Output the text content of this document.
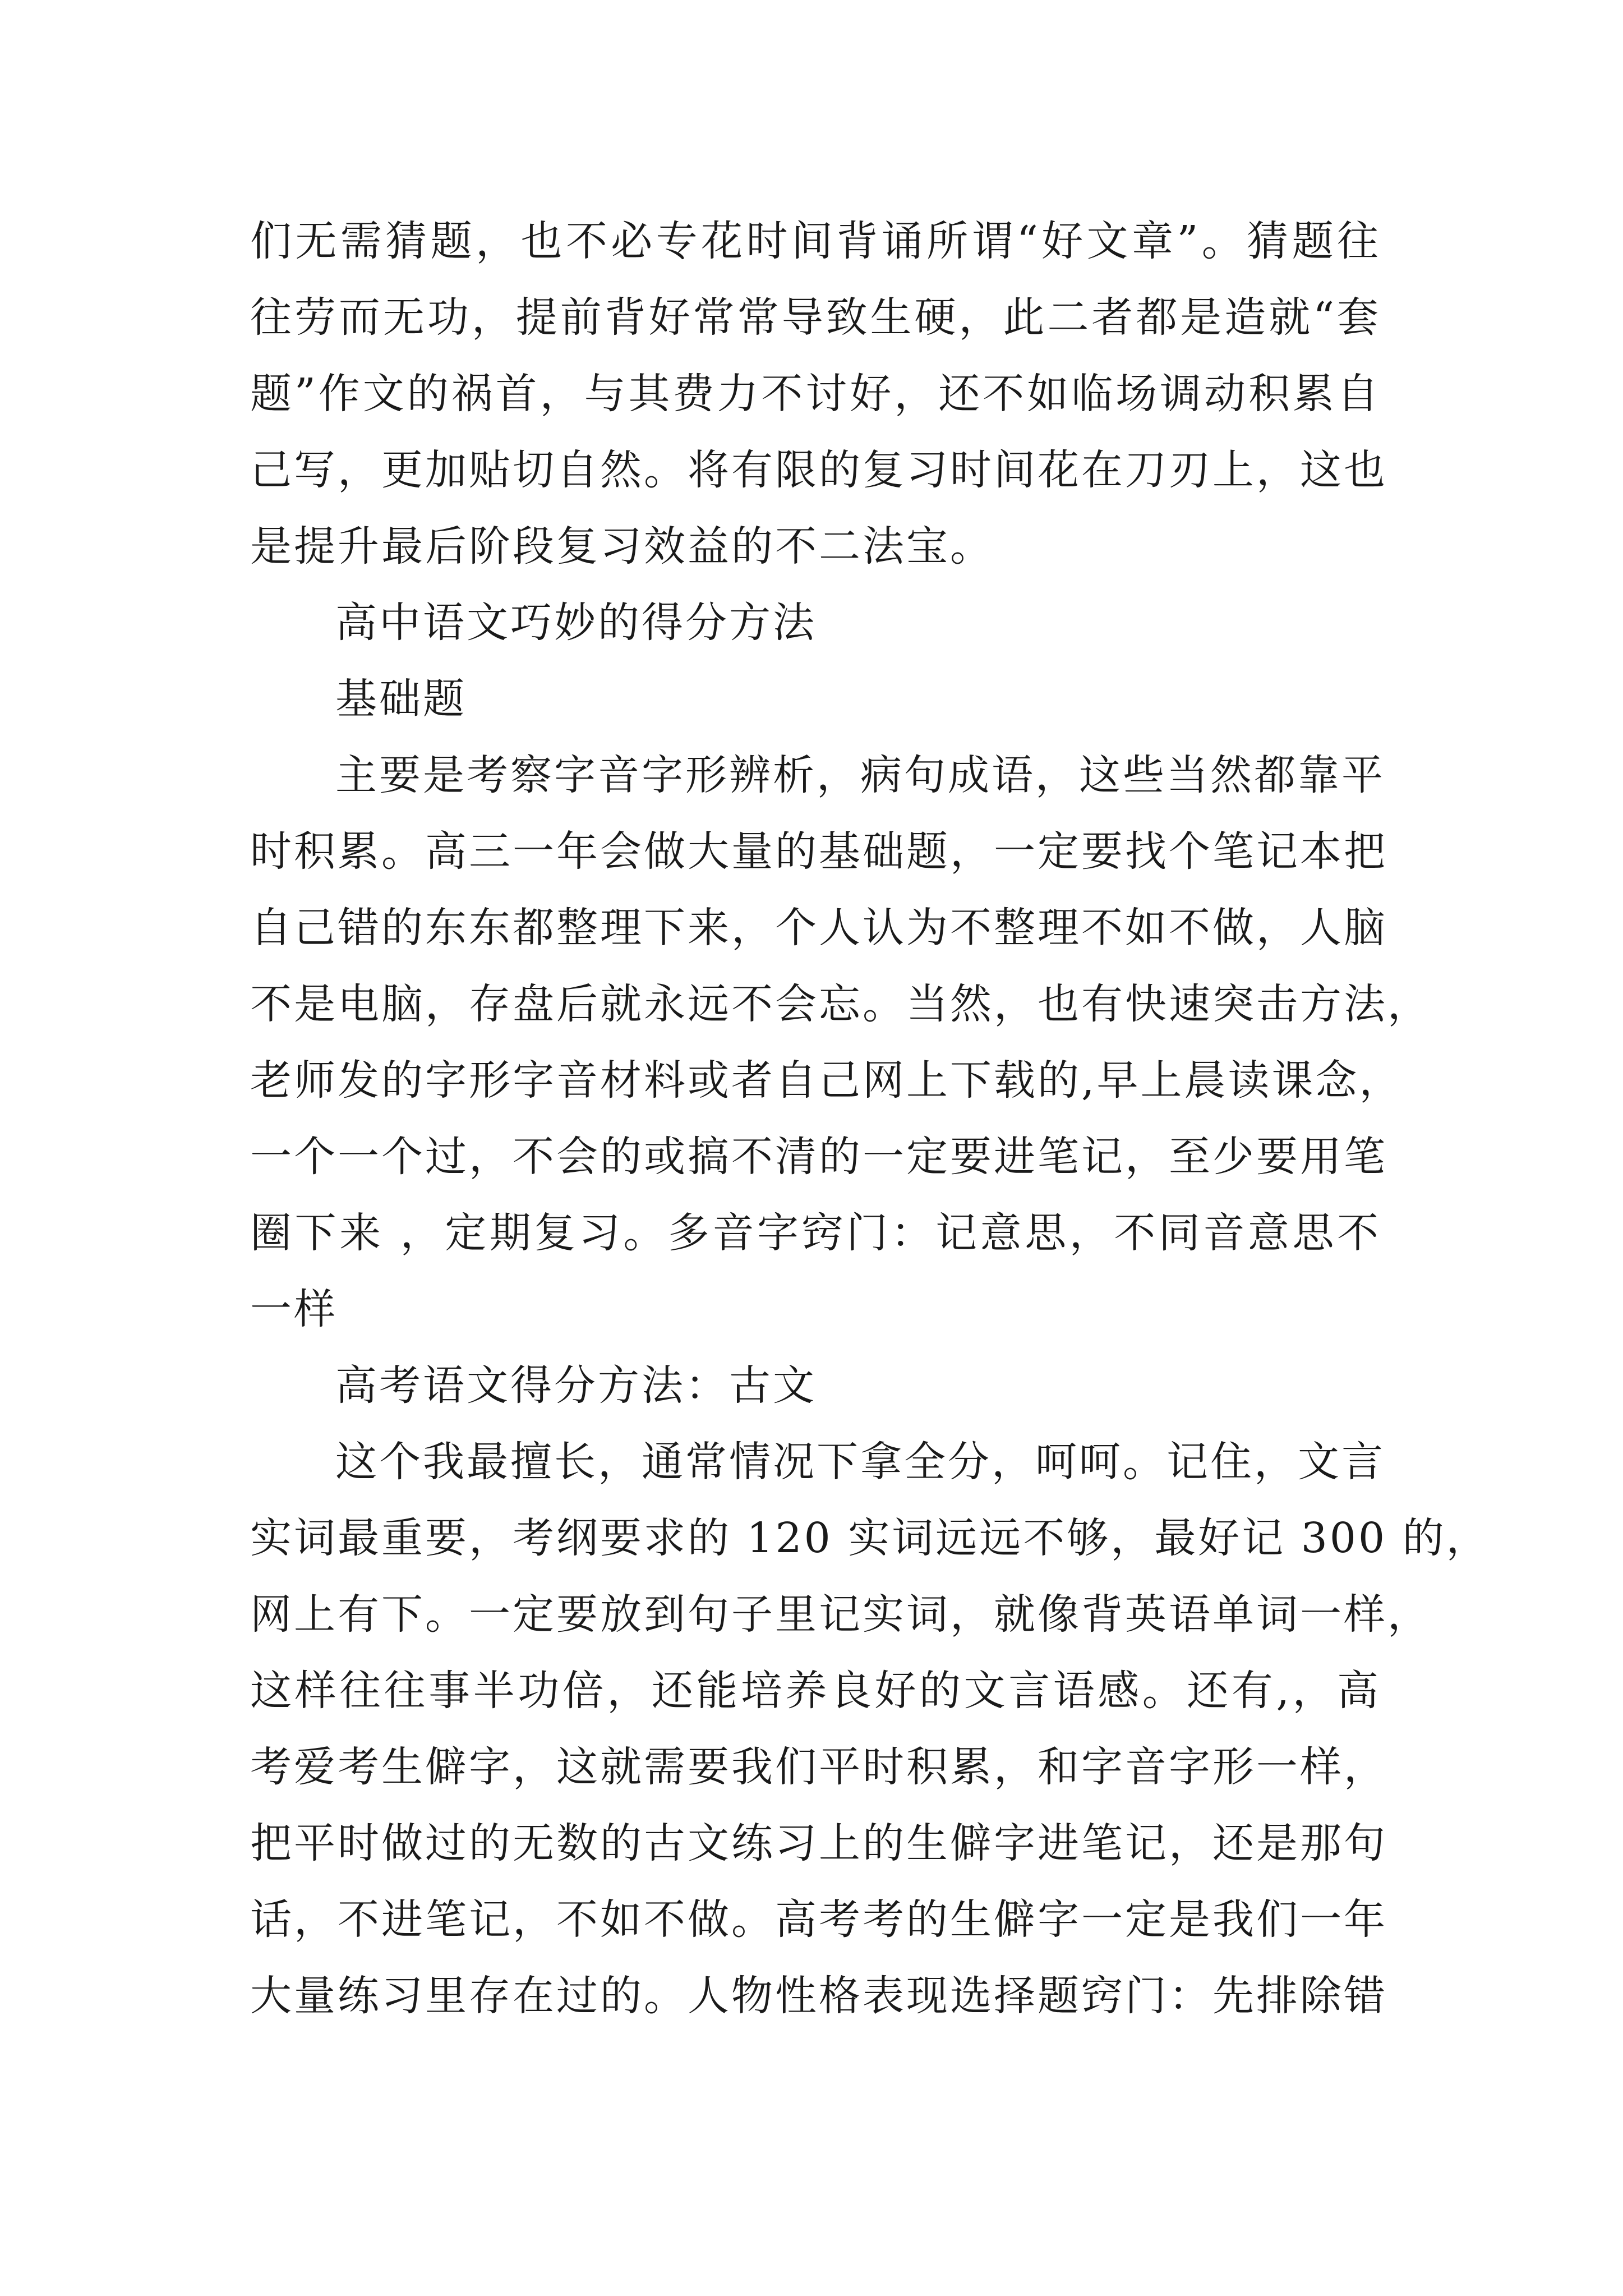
们无需猜题，也不必专花时间背诵所谓“好文章”。猜题往
往劳而无功，提前背好常常导致生硬，此二者都是造就“套
题”作文的祸首，与其费力不讨好，还不如临场调动积累自
己写，更加贴切自然。将有限的复习时间花在刀刃上，这也
是提升最后阶段复习效益的不二法宝。

高中语文巧妙的得分方法

基础题

主要是考察字音字形辨析，病句成语，这些当然都靠平
时积累。高三一年会做大量的基础题，一定要找个笔记本把
自己错的东东都整理下来，个人认为不整理不如不做，人脑
不是电脑，存盘后就永远不会忘。当然，也有快速突击方法，
老师发的字形字音材料或者自己网上下载的,早上晨读课念，
一个一个过，不会的或搞不清的一定要进笔记，至少要用笔
圈下来 ，定期复习。多音字窍门：记意思，不同音意思不
一样

高考语文得分方法：古文

这个我最擅长，通常情况下拿全分，呵呵。记住，文言
实词最重要，考纲要求的 120 实词远远不够，最好记 300 的，
网上有下。一定要放到句子里记实词，就像背英语单词一样，
这样往往事半功倍，还能培养良好的文言语感。还有,，高
考爱考生僻字，这就需要我们平时积累，和字音字形一样，
把平时做过的无数的古文练习上的生僻字进笔记，还是那句
话，不进笔记，不如不做。高考考的生僻字一定是我们一年
大量练习里存在过的。人物性格表现选择题窍门：先排除错
